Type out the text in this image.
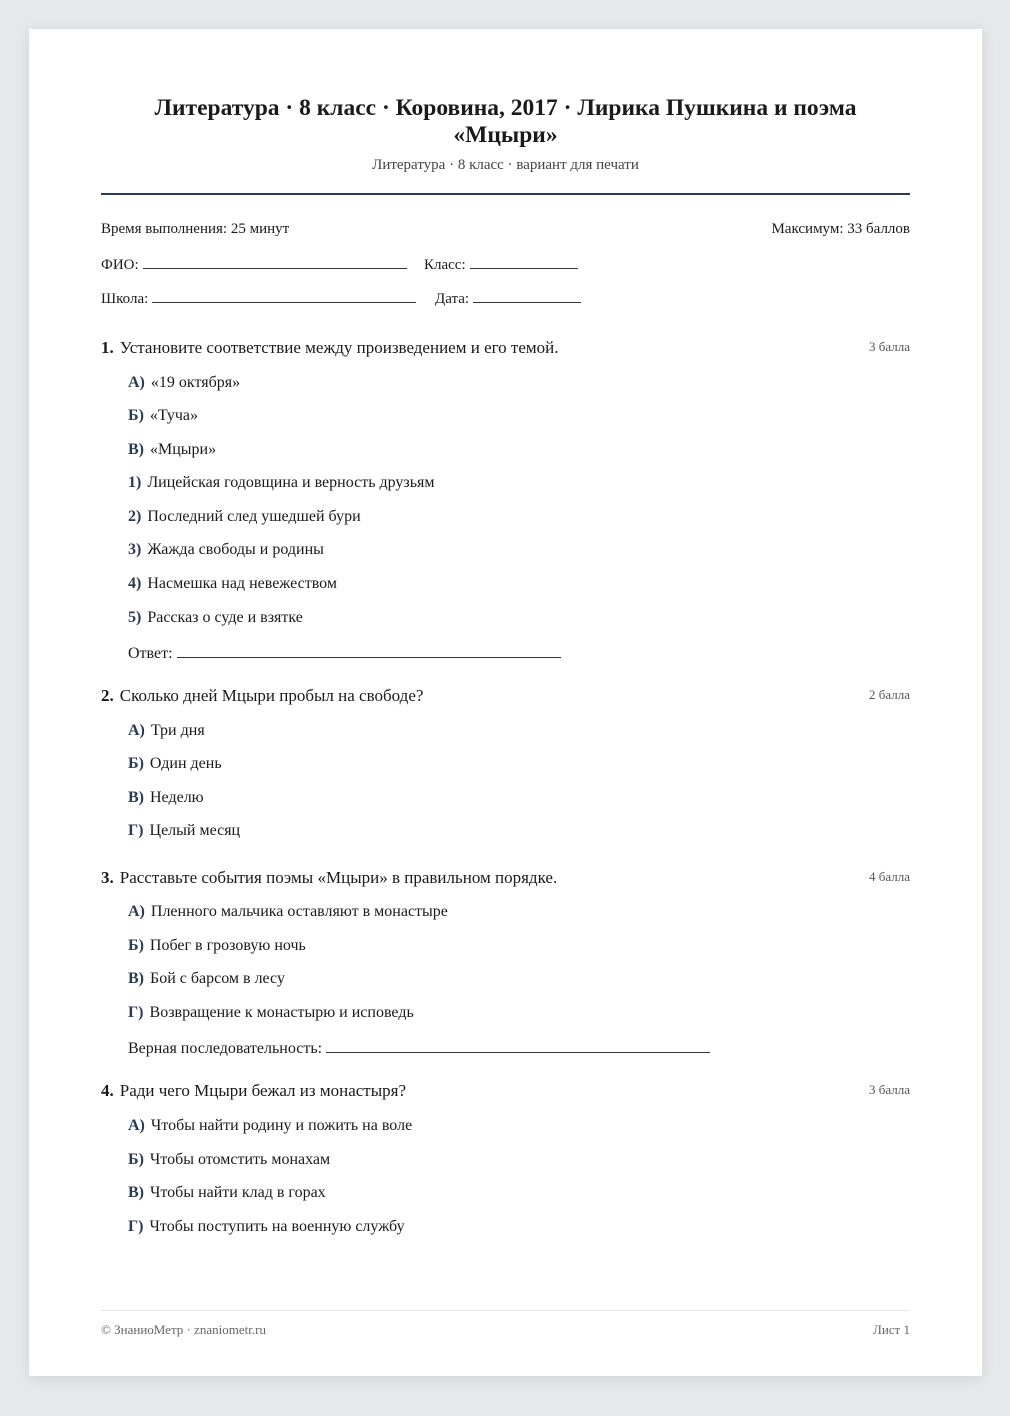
Литература · 8 класс · Коровина, 2017 · Лирика Пушкина и поэма «Мцыри»
Литература · 8 класс · вариант для печати
Время выполнения: 25 минут	Максимум: 33 баллов
ФИО:	Класс:
Школа:	Дата:
1. Установите соответствие между произведением и его темой.	3 балла
А) «19 октября»
Б) «Туча»
В) «Мцыри»
1) Лицейская годовщина и верность друзьям
2) Последний след ушедшей бури
3) Жажда свободы и родины
4) Насмешка над невежеством
5) Рассказ о суде и взятке
Ответ:
2. Сколько дней Мцыри пробыл на свободе?	2 балла
А) Три дня
Б) Один день
В) Неделю
Г) Целый месяц
3. Расставьте события поэмы «Мцыри» в правильном порядке.	4 балла
А) Пленного мальчика оставляют в монастыре
Б) Побег в грозовую ночь
В) Бой с барсом в лесу
Г) Возвращение к монастырю и исповедь
Верная последовательность:
4. Ради чего Мцыри бежал из монастыря?	3 балла
А) Чтобы найти родину и пожить на воле
Б) Чтобы отомстить монахам
В) Чтобы найти клад в горах
Г) Чтобы поступить на военную службу
© ЗнаниоМетр · znaniometr.ru	Лист 1
